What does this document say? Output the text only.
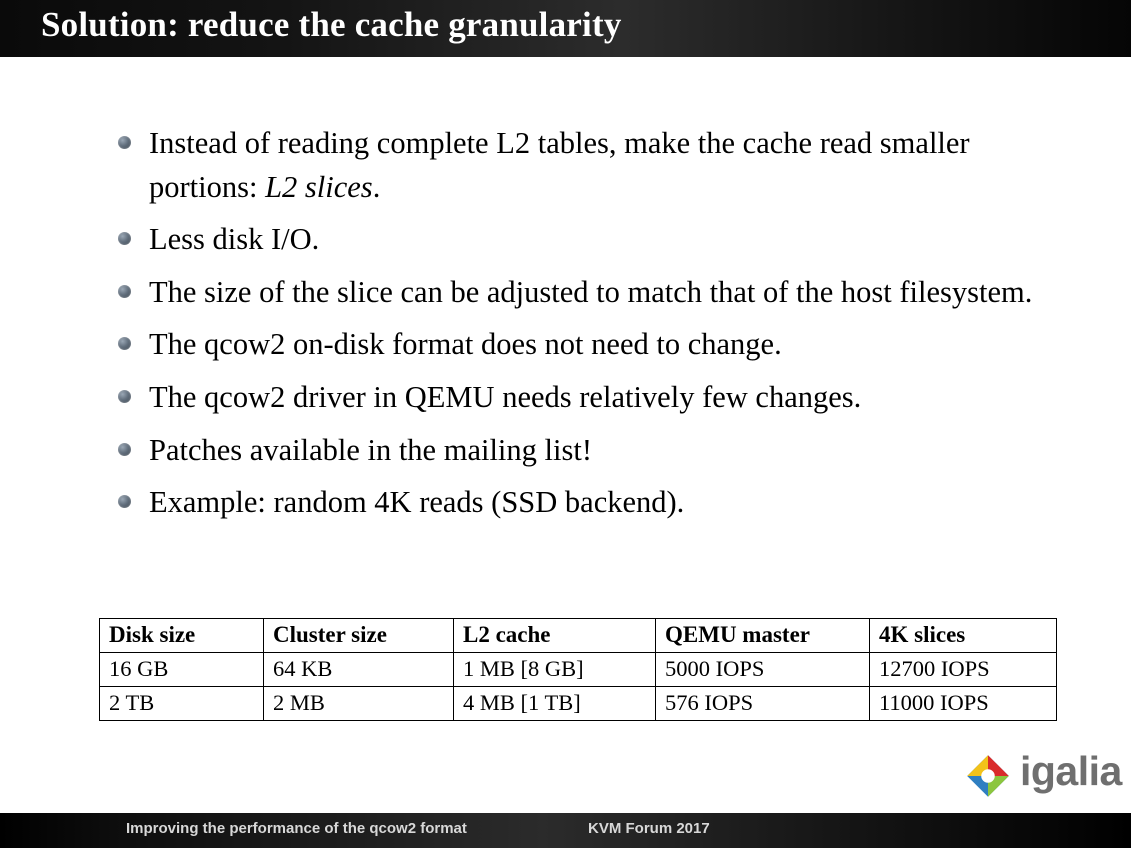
Solution: reduce the cache granularity
Instead of reading complete L2 tables, make the cache read smaller portions: L2 slices.
Less disk I/O.
The size of the slice can be adjusted to match that of the host filesystem.
The qcow2 on-disk format does not need to change.
The qcow2 driver in QEMU needs relatively few changes.
Patches available in the mailing list!
Example: random 4K reads (SSD backend).
Disk size	Cluster size	L2 cache	QEMU master	4K slices
16 GB	64 KB	1 MB [8 GB]	5000 IOPS	12700 IOPS
2 TB	2 MB	4 MB [1 TB]	576 IOPS	11000 IOPS
igalia
Improving the performance of the qcow2 format	KVM Forum 2017
